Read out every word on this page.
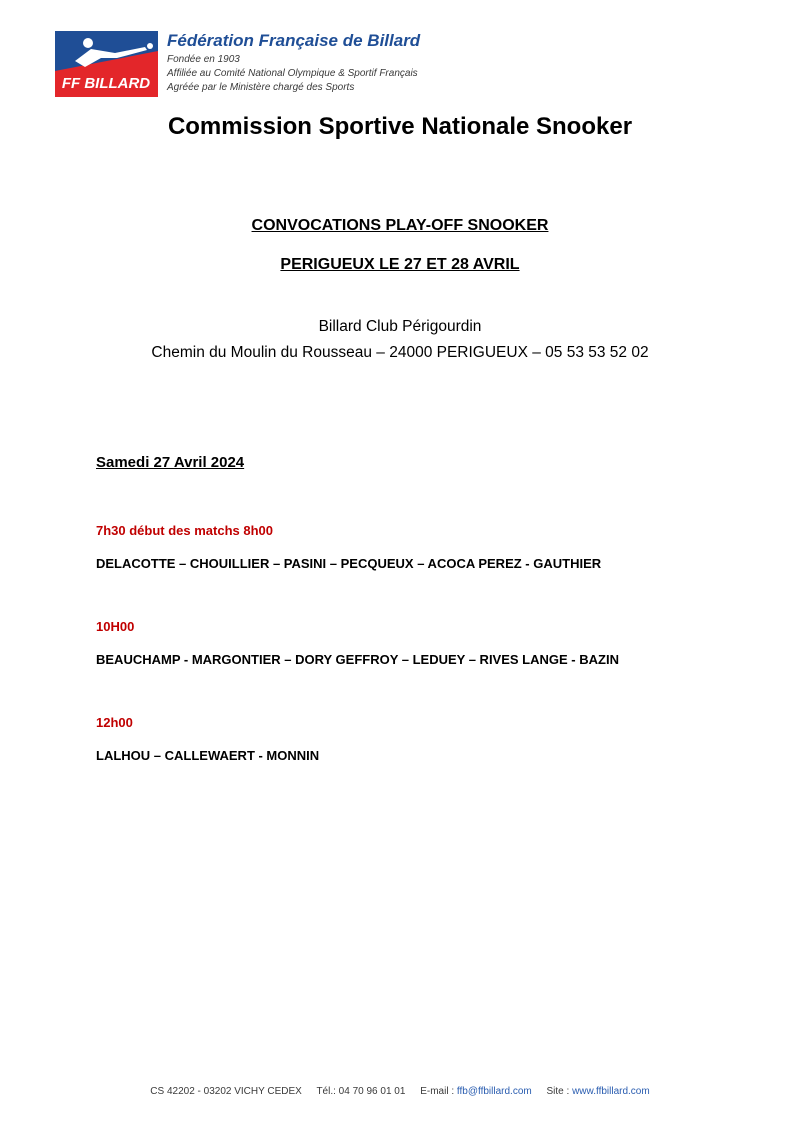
FF BILLARD
Fédération Française de Billard
Fondée en 1903
Affiliée au Comité National Olympique & Sportif Français
Agréée par le Ministère chargé des Sports
Commission Sportive Nationale Snooker
CONVOCATIONS PLAY-OFF SNOOKER
PERIGUEUX LE 27 ET 28 AVRIL
Billard Club Périgourdin
Chemin du Moulin du Rousseau – 24000 PERIGUEUX – 05 53 53 52 02
Samedi 27 Avril 2024
7h30 début des matchs 8h00
DELACOTTE – CHOUILLIER – PASINI – PECQUEUX – ACOCA PEREZ - GAUTHIER
10H00
BEAUCHAMP - MARGONTIER – DORY GEFFROY – LEDUEY – RIVES LANGE - BAZIN
12h00
LALHOU – CALLEWAERT - MONNIN
CS 42202 - 03202 VICHY CEDEX Tél.: 04 70 96 01 01 E-mail : ffb@ffbillard.com Site : www.ffbillard.com
